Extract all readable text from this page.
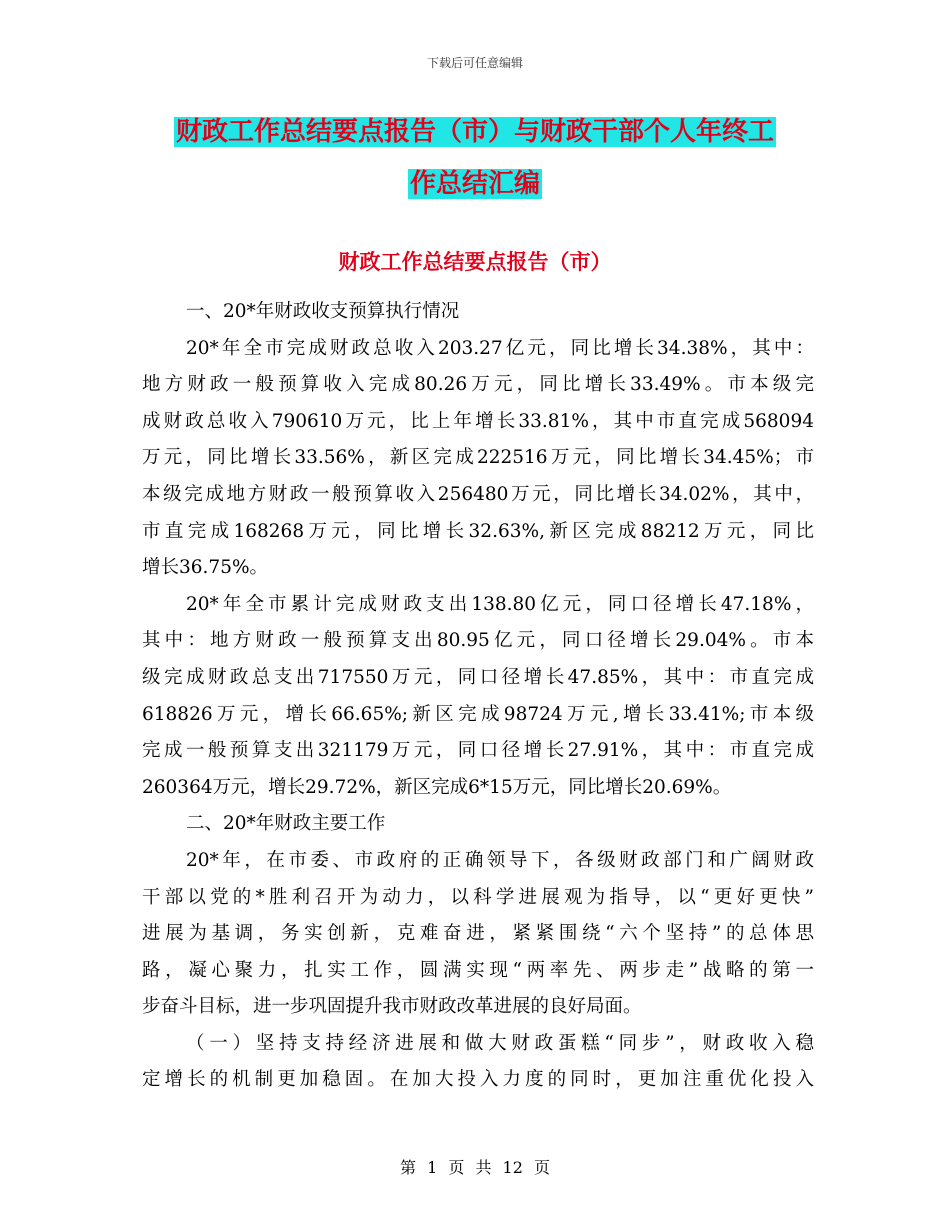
下载后可任意编辑
财政工作总结要点报告（市）与财政干部个人年终工
作总结汇编
财政工作总结要点报告（市）
一、20*年财政收支预算执行情况
20*年全市完成财政总收入203.27亿元，同比增长34.38%，其中：
地方财政一般预算收入完成80.26万元，同比增长33.49%。市本级完
成财政总收入790610万元，比上年增长33.81%，其中市直完成568094
万元，同比增长33.56%，新区完成222516万元，同比增长34.45%；市
本级完成地方财政一般预算收入256480万元，同比增长34.02%，其中，
市直完成168268万元，同比增长32.63%,新区完成88212万元，同比
增长36.75%。
20*年全市累计完成财政支出138.80亿元，同口径增长47.18%，
其中：地方财政一般预算支出80.95亿元，同口径增长29.04%。市本
级完成财政总支出717550万元，同口径增长47.85%，其中：市直完成
618826万元，增长66.65%;新区完成98724万元,增长33.41%;市本级
完成一般预算支出321179万元，同口径增长27.91%，其中：市直完成
260364万元，增长29.72%，新区完成6*15万元，同比增长20.69%。
二、20*年财政主要工作
20*年，在市委、市政府的正确领导下，各级财政部门和广阔财政
干部以党的*胜利召开为动力，以科学进展观为指导，以“更好更快”
进展为基调，务实创新，克难奋进，紧紧围绕“六个坚持”的总体思
路，凝心聚力，扎实工作，圆满实现“两率先、两步走”战略的第一
步奋斗目标，进一步巩固提升我市财政改革进展的良好局面。
（一）坚持支持经济进展和做大财政蛋糕“同步”，财政收入稳
定增长的机制更加稳固。在加大投入力度的同时，更加注重优化投入
第 1 页 共 12 页
